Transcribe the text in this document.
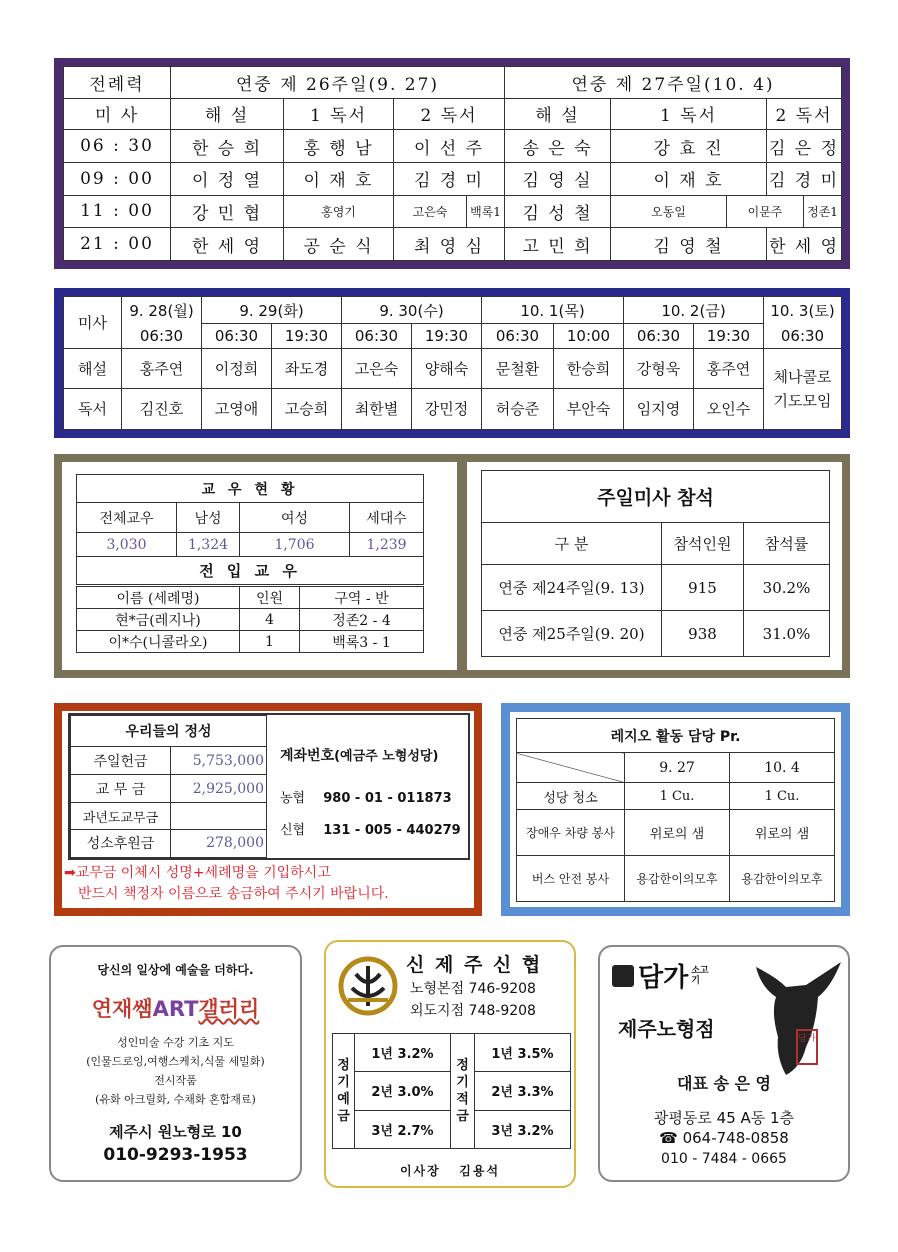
전례력	연중 제 26주일(9. 27)				연중 제 27주일(10. 4)				
미 사	해 설	1 독서	2 독서		해 설	1 독서		2 독서	
06 : 30	한 승 희	홍 행 남	이 선 주		송 은 숙	강 효 진		김 은 정	
09 : 00	이 정 열	이 재 호	김 경 미		김 영 실	이 재 호		김 경 미	
11 : 00	강 민 협	홍영기	고은숙	백록1	김 성 철	오동일	이문주		정존1
21 : 00	한 세 영	공 순 식	최 영 심		고 민 희	김 영 철		한 세 영	
미사	9. 28(월)	9. 29(화)		9. 30(수)		10. 1(목)		10. 2(금)		10. 3(토)
	06:30	06:30	19:30	06:30	19:30	06:30	10:00	06:30	19:30	06:30
해설	홍주연	이정희	좌도경	고은숙	양해숙	문철환	한승희	강형욱	홍주연	체나콜로
기도모임

독서	김진호	고영애	고승희	최한별	강민정	허승준	부안숙	임지영	오인수	
교 우 현 황			
전체교우	남성	여성	세대수
3,030	1,324	1,706	1,239
전 입 교 우			
이름 (세례명)	인원	구역 - 반
현*금(레지나)	4	정존2 - 4
이*수(니콜라오)	1	백록3 - 1
주일미사 참석		
구 분	참석인원	참석률
연중 제24주일(9. 13)	915	30.2%
연중 제25주일(9. 20)	938	31.0%
우리들의 정성	
주일헌금	5,753,000
교 무 금	2,925,000
과년도교무금	
성소후원금	278,000
계좌번호(예금주 노형성당)
농협 980 - 01 - 011873
신협 131 - 005 - 440279
➡교무금 이체시 성명+세례명을 기입하시고
반드시 책정자 이름으로 송금하여 주시기 바랍니다.
레지오 활동 담당 Pr.		
	9. 27	10. 4
성당 청소	1 Cu.	1 Cu.
장애우 차량 봉사	위로의 샘	위로의 샘
버스 안전 봉사	용감한이의모후	용감한이의모후
당신의 일상에 예술을 더하다.
연재쌤ART갤러리
성인미술 수강 기초 지도
(인물드로잉,여행스케치,식물 세밀화)
전시작품
(유화 아크릴화, 수채화 혼합재료)
제주시 원노형로 10
010-9293-1953
신 제 주 신 협
노형본점 746-9208
외도지점 748-9208
정기예금	1년 3.2%	정기적금	1년 3.5%
	2년 3.0%		2년 3.3%
	3년 2.7%		3년 3.2%
이사장   김용석
담가 소고기
담가
제주노형점
대표 송 은 영
광평동로 45 A동 1층
☎ 064-748-0858
010 - 7484 - 0665
